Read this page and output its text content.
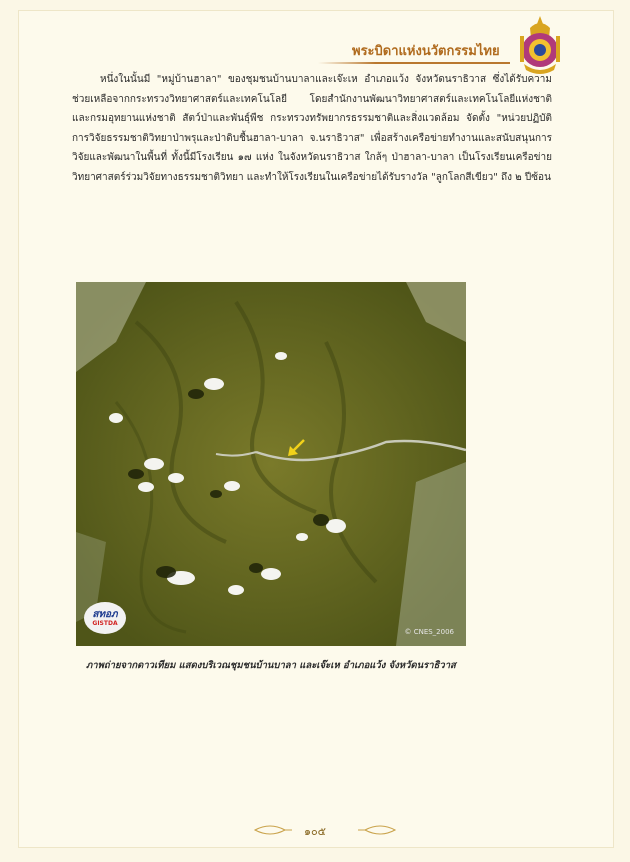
พระบิดาแห่งนวัตกรรมไทย

หนึ่งในนั้นมี "หมู่บ้านฮาลา" ของชุมชนบ้านบาลาและเจ๊ะเห อำเภอแว้ง จังหวัดนราธิวาส ซึ่งได้รับความช่วยเหลือจากกระทรวงวิทยาศาสตร์และเทคโนโลยี โดยสำนักงานพัฒนาวิทยาศาสตร์และเทคโนโลยีแห่งชาติ และกรมอุทยานแห่งชาติ สัตว์ป่าและพันธุ์พืช กระทรวงทรัพยากรธรรมชาติและสิ่งแวดล้อม จัดตั้ง "หน่วยปฏิบัติการวิจัยธรรมชาติวิทยาป่าพรุและป่าดิบชื้นฮาลา-บาลา จ.นราธิวาส" เพื่อสร้างเครือข่ายทำงานและสนับสนุนการวิจัยและพัฒนาในพื้นที่ ทั้งนี้มีโรงเรียน ๑๗ แห่ง ในจังหวัดนราธิวาส ใกล้ๆ ป่าฮาลา-บาลา เป็นโรงเรียนเครือข่ายวิทยาศาสตร์ร่วมวิจัยทางธรรมชาติวิทยา และทำให้โรงเรียนในเครือข่ายได้รับรางวัล "ลูกโลกสีเขียว" ถึง ๒ ปีซ้อน

สทอภ
GISTDA
© CNES_2006
ภาพถ่ายจากดาวเทียม แสดงบริเวณชุมชนบ้านบาลา และเจ๊ะเห อำเภอแว้ง จังหวัดนราธิวาส
๑๐๕
